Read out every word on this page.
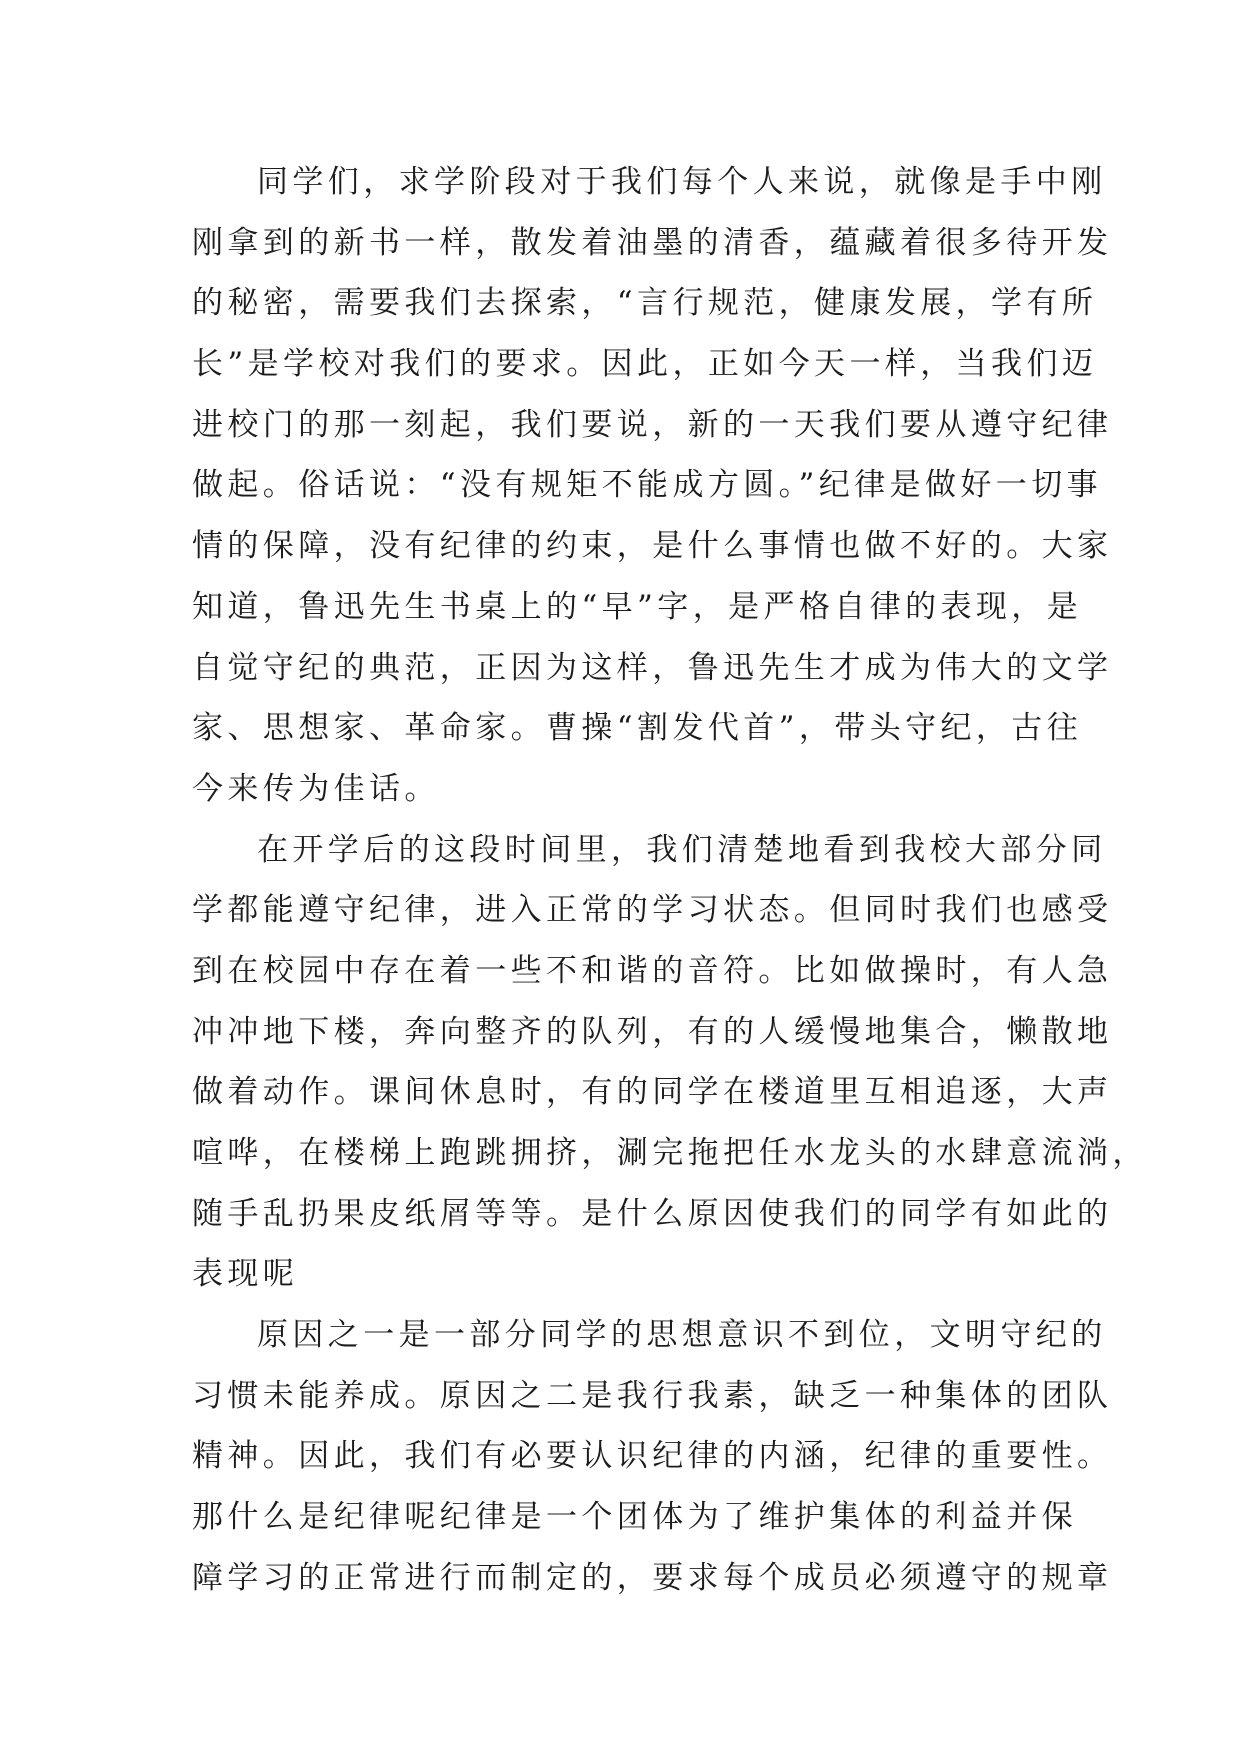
同学们，求学阶段对于我们每个人来说，就像是手中刚
刚拿到的新书一样，散发着油墨的清香，蕴藏着很多待开发
的秘密，需要我们去探索，“言行规范，健康发展，学有所
长”是学校对我们的要求。因此，正如今天一样，当我们迈
进校门的那一刻起，我们要说，新的一天我们要从遵守纪律
做起。俗话说：“没有规矩不能成方圆。”纪律是做好一切事
情的保障，没有纪律的约束，是什么事情也做不好的。大家
知道，鲁迅先生书桌上的“早”字，是严格自律的表现，是
自觉守纪的典范，正因为这样，鲁迅先生才成为伟大的文学
家、思想家、革命家。曹操“割发代首”，带头守纪，古往
今来传为佳话。
在开学后的这段时间里，我们清楚地看到我校大部分同
学都能遵守纪律，进入正常的学习状态。但同时我们也感受
到在校园中存在着一些不和谐的音符。比如做操时，有人急
冲冲地下楼，奔向整齐的队列，有的人缓慢地集合，懒散地
做着动作。课间休息时，有的同学在楼道里互相追逐，大声
喧哗，在楼梯上跑跳拥挤，涮完拖把任水龙头的水肆意流淌，
随手乱扔果皮纸屑等等。是什么原因使我们的同学有如此的
表现呢
原因之一是一部分同学的思想意识不到位，文明守纪的
习惯未能养成。原因之二是我行我素，缺乏一种集体的团队
精神。因此，我们有必要认识纪律的内涵，纪律的重要性。
那什么是纪律呢纪律是一个团体为了维护集体的利益并保
障学习的正常进行而制定的，要求每个成员必须遵守的规章
